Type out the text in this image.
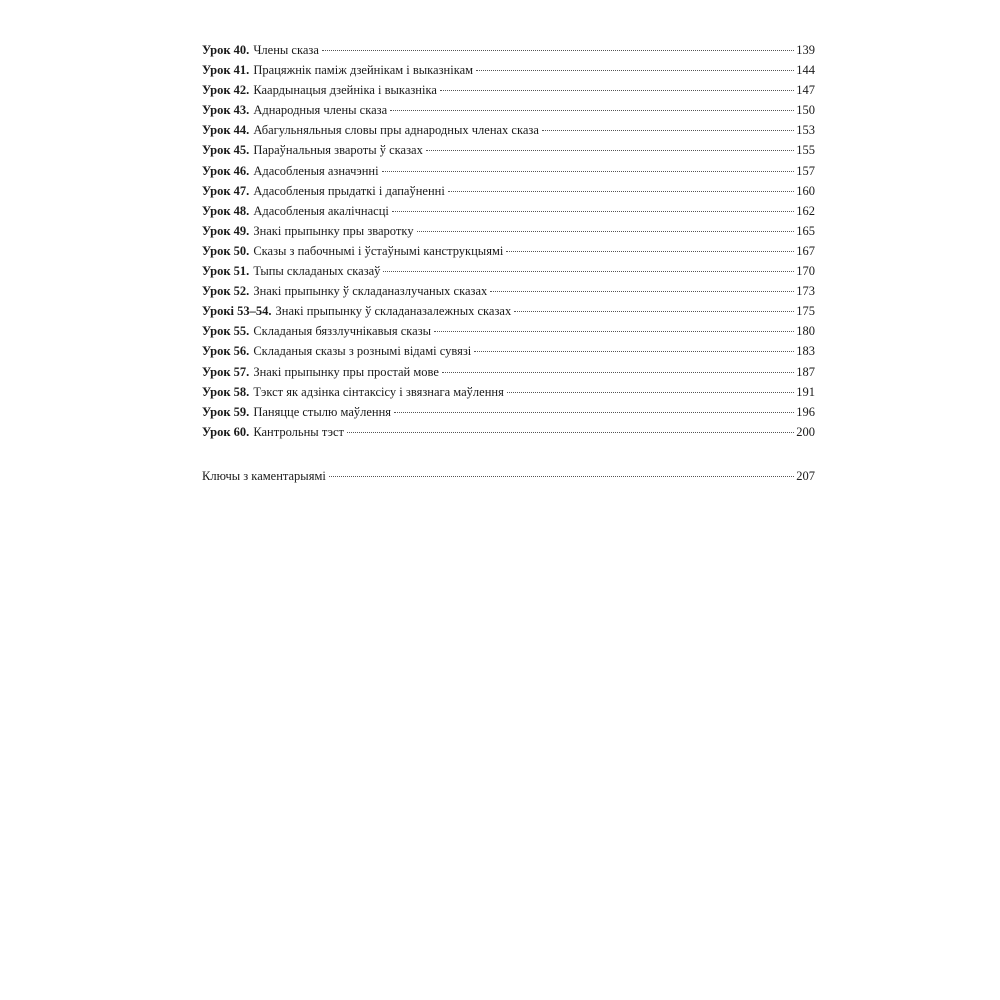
Урок 40. Члены сказа	139
Урок 41. Працяжнік паміж дзейнікам і выказнікам	144
Урок 42. Каардынацыя дзейніка і выказніка	147
Урок 43. Аднародныя члены сказа	150
Урок 44. Абагульняльныя словы пры аднародных членах сказа	153
Урок 45. Параўнальныя звароты ў сказах	155
Урок 46. Адасобленыя азначэнні	157
Урок 47. Адасобленыя прыдаткі і дапаўненні	160
Урок 48. Адасобленыя акалічнасці	162
Урок 49. Знакі прыпынку пры звароткy	165
Урок 50. Сказы з пабочнымі і ўстаўнымі канструкцыямі	167
Урок 51. Тыпы складаных сказаў	170
Урок 52. Знакі прыпынку ў складаназлучаных сказах	173
Урокі 53–54. Знакі прыпынку ў складаназалежных сказах	175
Урок 55. Складаныя бяззлучнікавыя сказы	180
Урок 56. Складаныя сказы з рознымі відамі сувязі	183
Урок 57. Знакі прыпынку пры простай мове	187
Урок 58. Тэкст як адзінка сінтаксісу і звязнага маўлення	191
Урок 59. Паняцце стылю маўлення	196
Урок 60. Кантрольны тэст	200
Ключы з каментарыямі	207
